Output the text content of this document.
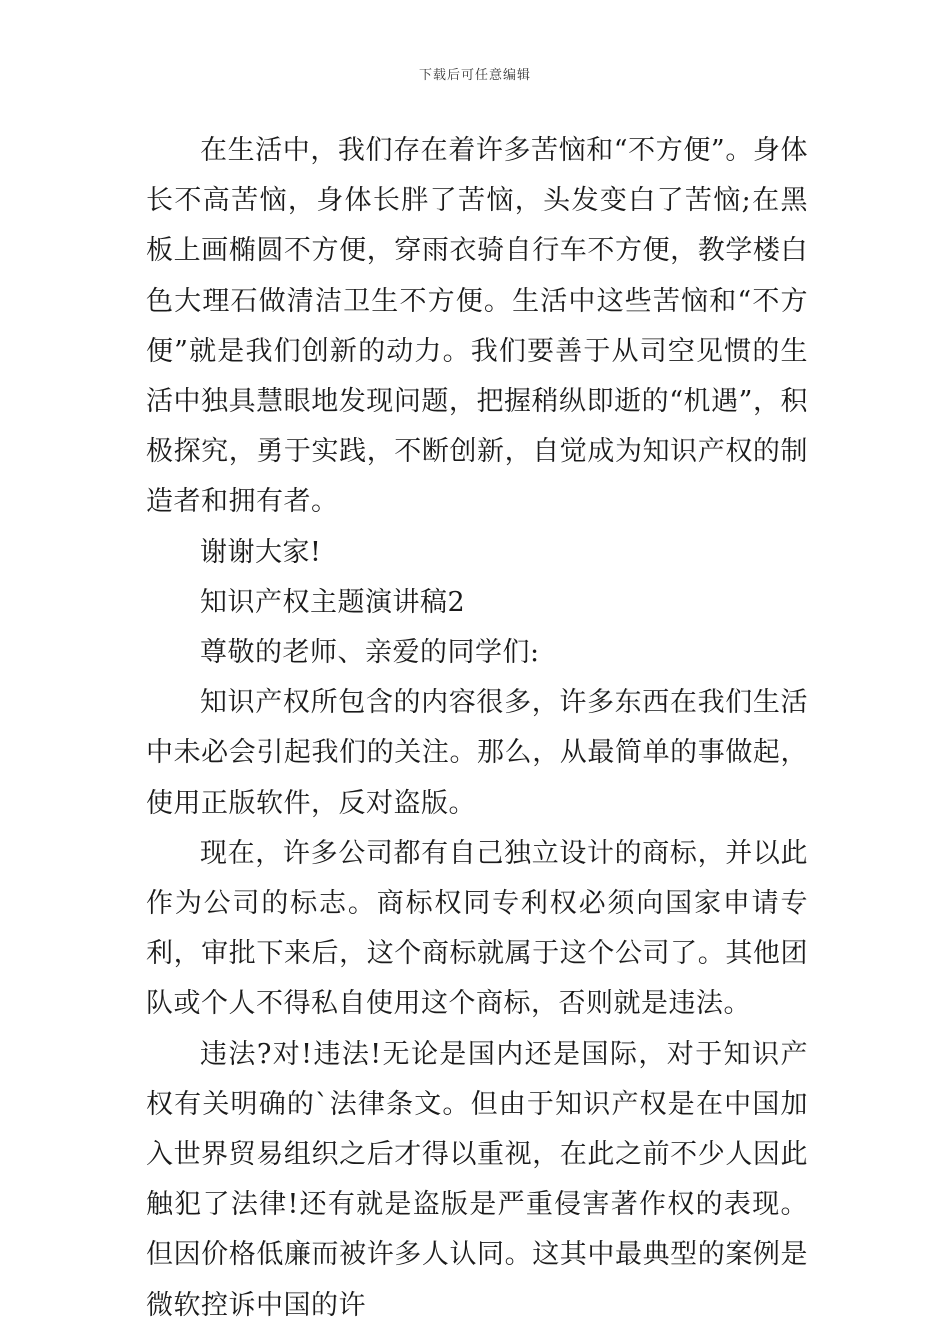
下载后可任意编辑

在生活中，我们存在着许多苦恼和“不方便”。身体长不高苦恼，身体长胖了苦恼，头发变白了苦恼;在黑板上画椭圆不方便，穿雨衣骑自行车不方便，教学楼白色大理石做清洁卫生不方便。生活中这些苦恼和“不方便”就是我们创新的动力。我们要善于从司空见惯的生活中独具慧眼地发现问题，把握稍纵即逝的“机遇”，积极探究，勇于实践，不断创新，自觉成为知识产权的制造者和拥有者。

谢谢大家!

知识产权主题演讲稿2

尊敬的老师、亲爱的同学们:

知识产权所包含的内容很多，许多东西在我们生活中未必会引起我们的关注。那么，从最简单的事做起，使用正版软件，反对盗版。

现在，许多公司都有自己独立设计的商标，并以此作为公司的标志。商标权同专利权必须向国家申请专利，审批下来后，这个商标就属于这个公司了。其他团队或个人不得私自使用这个商标，否则就是违法。

违法?对!违法!无论是国内还是国际，对于知识产权有关明确的`法律条文。但由于知识产权是在中国加入世界贸易组织之后才得以重视，在此之前不少人因此触犯了法律!还有就是盗版是严重侵害著作权的表现。但因价格低廉而被许多人认同。这其中最典型的案例是微软控诉中国的许
